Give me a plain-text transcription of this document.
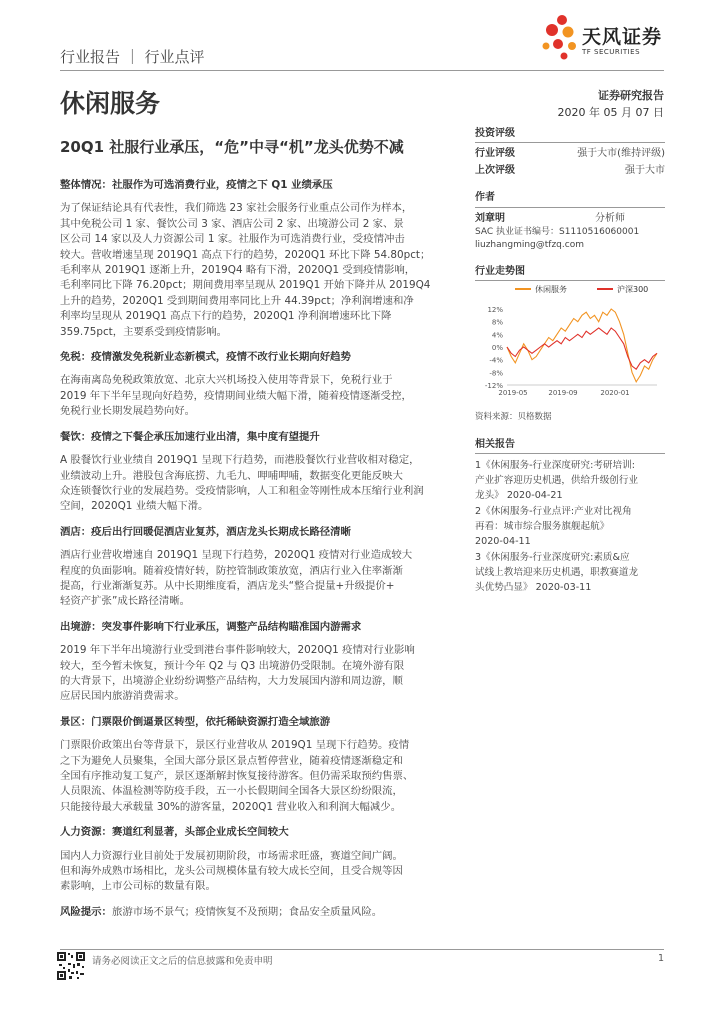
行业报告 ｜ 行业点评
天风证券
TF SECURITIES
休闲服务	证券研究报告
2020 年 05 月 07 日
20Q1 社服行业承压，“危”中寻“机”龙头优势不减
整体情况：社服作为可选消费行业，疫情之下 Q1 业绩承压
为了保证结论具有代表性，我们筛选 23 家社会服务行业重点公司作为样本，
其中免税公司 1 家、餐饮公司 3 家、酒店公司 2 家、出境游公司 2 家、景
区公司 14 家以及人力资源公司 1 家。社服作为可选消费行业，受疫情冲击
较大。营收增速呈现 2019Q1 高点下行的趋势，2020Q1 环比下降 54.80pct；
毛利率从 2019Q1 逐渐上升，2019Q4 略有下滑，2020Q1 受到疫情影响，
毛利率同比下降 76.20pct；期间费用率呈现从 2019Q1 开始下降并从 2019Q4
上升的趋势，2020Q1 受到期间费用率同比上升 44.39pct；净利润增速和净
利率均呈现从 2019Q1 高点下行的趋势，2020Q1 净利润增速环比下降
359.75pct，主要系受到疫情影响。
免税：疫情激发免税新业态新模式，疫情不改行业长期向好趋势
在海南离岛免税政策放宽、北京大兴机场投入使用等背景下，免税行业于
2019 年下半年呈现向好趋势，疫情期间业绩大幅下滑，随着疫情逐渐受控，
免税行业长期发展趋势向好。
餐饮：疫情之下餐企承压加速行业出清，集中度有望提升
A 股餐饮行业业绩自 2019Q1 呈现下行趋势，而港股餐饮行业营收相对稳定，
业绩波动上升。港股包含海底捞、九毛九、呷哺呷哺，数据变化更能反映大
众连锁餐饮行业的发展趋势。受疫情影响，人工和租金等刚性成本压缩行业利润
空间，2020Q1 业绩大幅下滑。
酒店：疫后出行回暖促酒店业复苏，酒店龙头长期成长路径清晰
酒店行业营收增速自 2019Q1 呈现下行趋势，2020Q1 疫情对行业造成较大
程度的负面影响。随着疫情好转，防控管制政策放宽，酒店行业入住率渐渐
提高，行业渐渐复苏。从中长期维度看，酒店龙头“整合提量+升级提价+
轻资产扩张”成长路径清晰。
出境游：突发事件影响下行业承压，调整产品结构瞄准国内游需求
2019 年下半年出境游行业受到港台事件影响较大，2020Q1 疫情对行业影响
较大，至今暂未恢复，预计今年 Q2 与 Q3 出境游仍受限制。在境外游有限
的大背景下，出境游企业纷纷调整产品结构，大力发展国内游和周边游，顺
应居民国内旅游消费需求。
景区：门票限价倒逼景区转型，依托稀缺资源打造全域旅游
门票限价政策出台等背景下，景区行业营收从 2019Q1 呈现下行趋势。疫情
之下为避免人员聚集，全国大部分景区景点暂停营业，随着疫情逐渐稳定和
全国有序推动复工复产，景区逐渐解封恢复接待游客。但仍需采取预约售票、
人员限流、体温检测等防疫手段，五一小长假期间全国各大景区纷纷限流，
只能接待最大承载量 30%的游客量，2020Q1 营业收入和利润大幅减少。
人力资源：赛道红利显著，头部企业成长空间较大
国内人力资源行业目前处于发展初期阶段，市场需求旺盛，赛道空间广阔。
但和海外成熟市场相比，龙头公司规模体量有较大成长空间，且受合规等因
素影响，上市公司标的数量有限。
风险提示：旅游市场不景气；疫情恢复不及预期；食品安全质量风险。
投资评级
行业评级	强于大市(维持评级)
上次评级	强于大市
作者
刘章明	分析师
SAC 执业证书编号：S1110516060001
liuzhangming@tfzq.com
行业走势图
休闲服务	沪深300
12%
8%
4%
0%
-4%
-8%
-12%
2019-05	2019-09	2020-01
资料来源：贝格数据
相关报告
1《休闲服务-行业深度研究:考研培训:
产业扩容迎历史机遇，供给升级创行业
龙头》 2020-04-21
2《休闲服务-行业点评:产业对比视角
再看：城市综合服务旗舰起航》
2020-04-11
3《休闲服务-行业深度研究:素质&应
试线上教培迎来历史机遇，职教赛道龙
头优势凸显》 2020-03-11
请务必阅读正文之后的信息披露和免责申明	1
